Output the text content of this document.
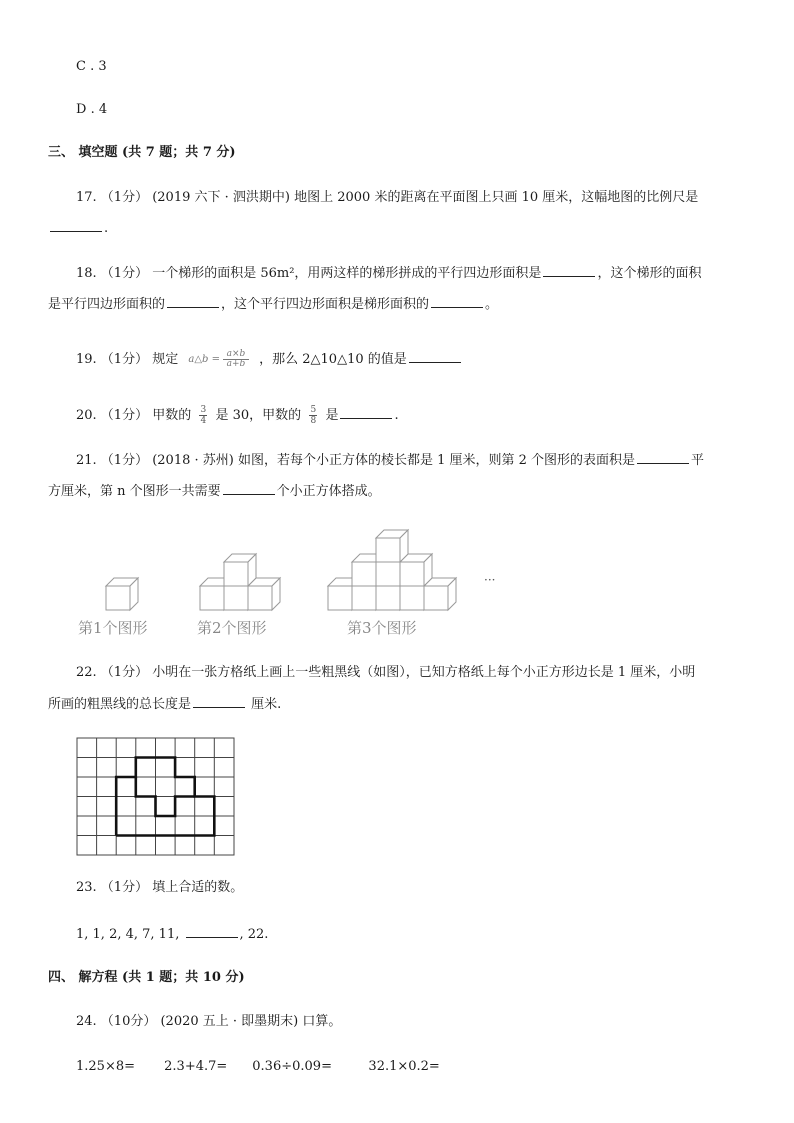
C . 3
D . 4
三、 填空题 (共 7 题；共 7 分)
17. （1分） (2019 六下 · 泗洪期中) 地图上 2000 米的距离在平面图上只画 10 厘米，这幅地图的比例尺是
.
18. （1分） 一个梯形的面积是 56m²，用两这样的梯形拼成的平行四边形面积是	，这个梯形的面积
是平行四边形面积的	，这个平行四边形面积是梯形面积的	。
19. （1分） 规定 a△b = a×b
a+b ，那么 2△10△10 的值是
20. （1分） 甲数的 $\frac{3}{4}$ 是 30，甲数的 $\frac{5}{8}$ 是	.
21. （1分） (2018 · 苏州) 如图，若每个小正方体的棱长都是 1 厘米，则第 2 个图形的表面积是	平
方厘米，第 n 个图形一共需要	个小正方体搭成。
···
第1个图形	第2个图形	第3个图形
22. （1分） 小明在一张方格纸上画上一些粗黑线（如图），已知方格纸上每个小正方形边长是 1 厘米，小明
所画的粗黑线的总长度是	厘米.
23. （1分） 填上合适的数。
1, 1, 2, 4, 7, 11,	, 22.
四、 解方程 (共 1 题；共 10 分)
24. （10分） (2020 五上 · 即墨期末) 口算。
1.25×8= 2.3+4.7= 0.36÷0.09=	32.1×0.2=
